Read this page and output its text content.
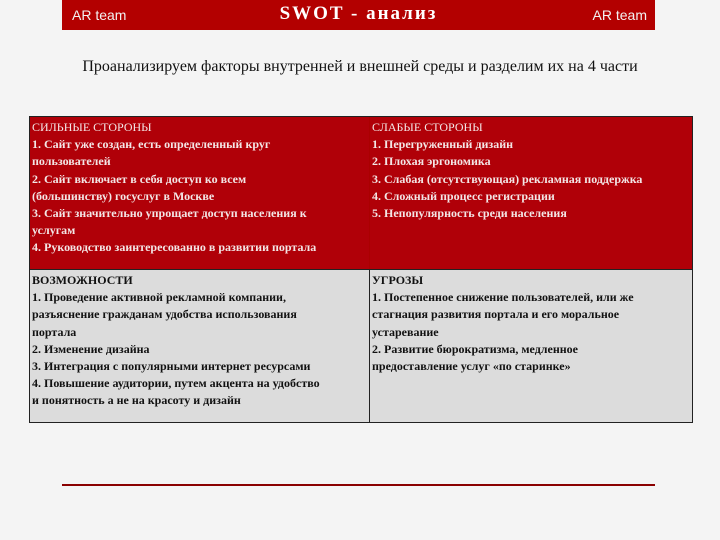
AR team	SWOT - анализ	AR team
Проанализируем факторы внутренней и внешней среды и разделим их на 4 части
СИЛЬНЫЕ СТОРОНЫ
1. Сайт уже создан, есть определенный круг
пользователей
2. Сайт включает в себя доступ ко всем
(большинству) госуслуг в Москве
3. Сайт значительно упрощает доступ населения к
услугам
4. Руководство заинтересованно в развитии портала
СЛАБЫЕ СТОРОНЫ
1. Перегруженный дизайн
2. Плохая эргономика
3. Слабая (отсутствующая) рекламная поддержка
4. Сложный процесс регистрации
5. Непопулярность среди населения
ВОЗМОЖНОСТИ
1. Проведение активной рекламной компании,
разъяснение гражданам удобства использования
портала
2. Изменение дизайна
3. Интеграция с популярными интернет ресурсами
4. Повышение аудитории, путем акцента на удобство
и понятность а не на красоту и дизайн
УГРОЗЫ
1. Постепенное снижение пользователей, или же
стагнация развития портала и его моральное
устаревание
2. Развитие бюрократизма, медленное
предоставление услуг «по старинке»
